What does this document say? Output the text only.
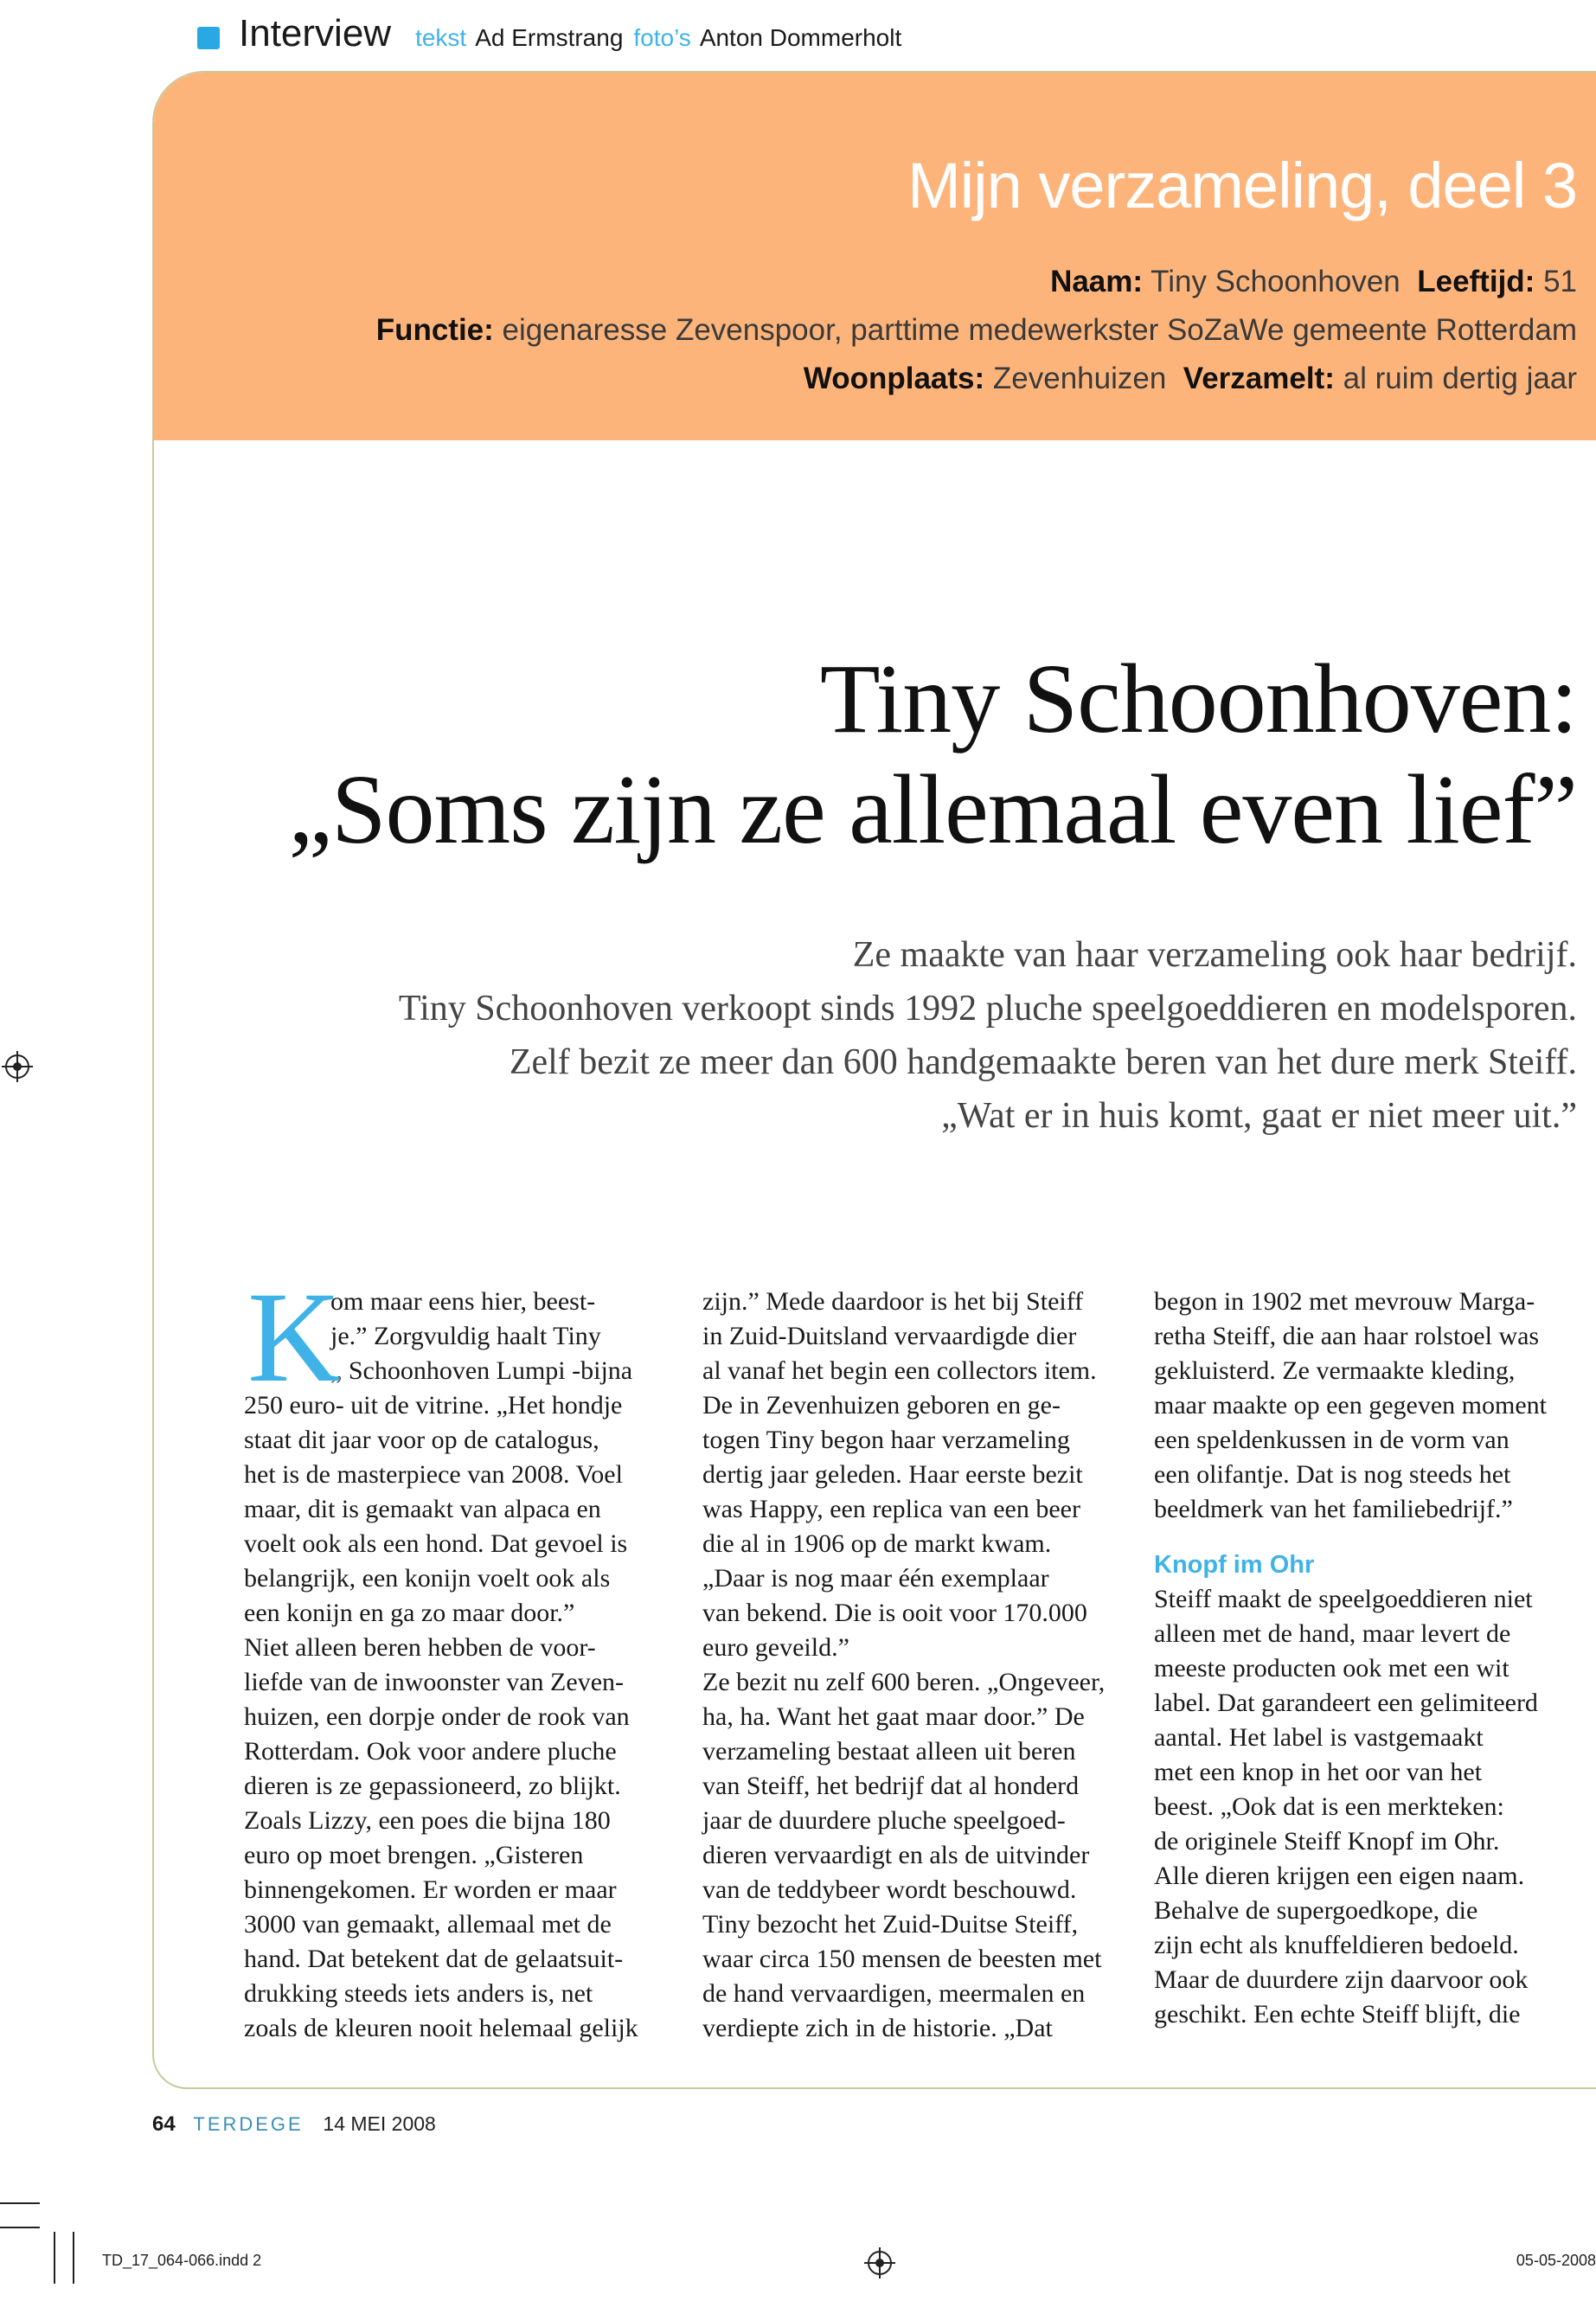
Interview tekst Ad Ermstrang foto’s Anton Dommerholt
Mijn verzameling, deel 3
Naam: Tiny Schoonhoven Leeftijd: 51
Functie: eigenaresse Zevenspoor, parttime medewerkster SoZaWe gemeente Rotterdam
Woonplaats: Zevenhuizen Verzamelt: al ruim dertig jaar
Tiny Schoonhoven:
„Soms zijn ze allemaal even lief”
Ze maakte van haar verzameling ook haar bedrijf.
Tiny Schoonhoven verkoopt sinds 1992 pluche speelgoeddieren en modelsporen.
Zelf bezit ze meer dan 600 handgemaakte beren van het dure merk Steiff.
„Wat er in huis komt, gaat er niet meer uit.”
K
om maar eens hier, beest-
je.” Zorgvuldig haalt Tiny
„ Schoonhoven Lumpi -bijna
250 euro- uit de vitrine. „Het hondje
staat dit jaar voor op de catalogus,
het is de masterpiece van 2008. Voel
maar, dit is gemaakt van alpaca en
voelt ook als een hond. Dat gevoel is
belangrijk, een konijn voelt ook als
een konijn en ga zo maar door.”
Niet alleen beren hebben de voor-
liefde van de inwoonster van Zeven-
huizen, een dorpje onder de rook van
Rotterdam. Ook voor andere pluche
dieren is ze gepassioneerd, zo blijkt.
Zoals Lizzy, een poes die bijna 180
euro op moet brengen. „Gisteren
binnengekomen. Er worden er maar
3000 van gemaakt, allemaal met de
hand. Dat betekent dat de gelaatsuit-
drukking steeds iets anders is, net
zoals de kleuren nooit helemaal gelijk
zijn.” Mede daardoor is het bij Steiff
in Zuid-Duitsland vervaardigde dier
al vanaf het begin een collectors item.
De in Zevenhuizen geboren en ge-
togen Tiny begon haar verzameling
dertig jaar geleden. Haar eerste bezit
was Happy, een replica van een beer
die al in 1906 op de markt kwam.
„Daar is nog maar één exemplaar
van bekend. Die is ooit voor 170.000
euro geveild.”
Ze bezit nu zelf 600 beren. „Ongeveer,
ha, ha. Want het gaat maar door.” De
verzameling bestaat alleen uit beren
van Steiff, het bedrijf dat al honderd
jaar de duurdere pluche speelgoed-
dieren vervaardigt en als de uitvinder
van de teddybeer wordt beschouwd.
Tiny bezocht het Zuid-Duitse Steiff,
waar circa 150 mensen de beesten met
de hand vervaardigen, meermalen en
verdiepte zich in de historie. „Dat
begon in 1902 met mevrouw Marga-
retha Steiff, die aan haar rolstoel was
gekluisterd. Ze vermaakte kleding,
maar maakte op een gegeven moment
een speldenkussen in de vorm van
een olifantje. Dat is nog steeds het
beeldmerk van het familiebedrijf.”
Knopf im Ohr
Steiff maakt de speelgoeddieren niet
alleen met de hand, maar levert de
meeste producten ook met een wit
label. Dat garandeert een gelimiteerd
aantal. Het label is vastgemaakt
met een knop in het oor van het
beest. „Ook dat is een merkteken:
de originele Steiff Knopf im Ohr.
Alle dieren krijgen een eigen naam.
Behalve de supergoedkope, die
zijn echt als knuffeldieren bedoeld.
Maar de duurdere zijn daarvoor ook
geschikt. Een echte Steiff blijft, die
64 TERDEGE 14 MEI 2008
TD_17_064-066.indd 2	05-05-2008
